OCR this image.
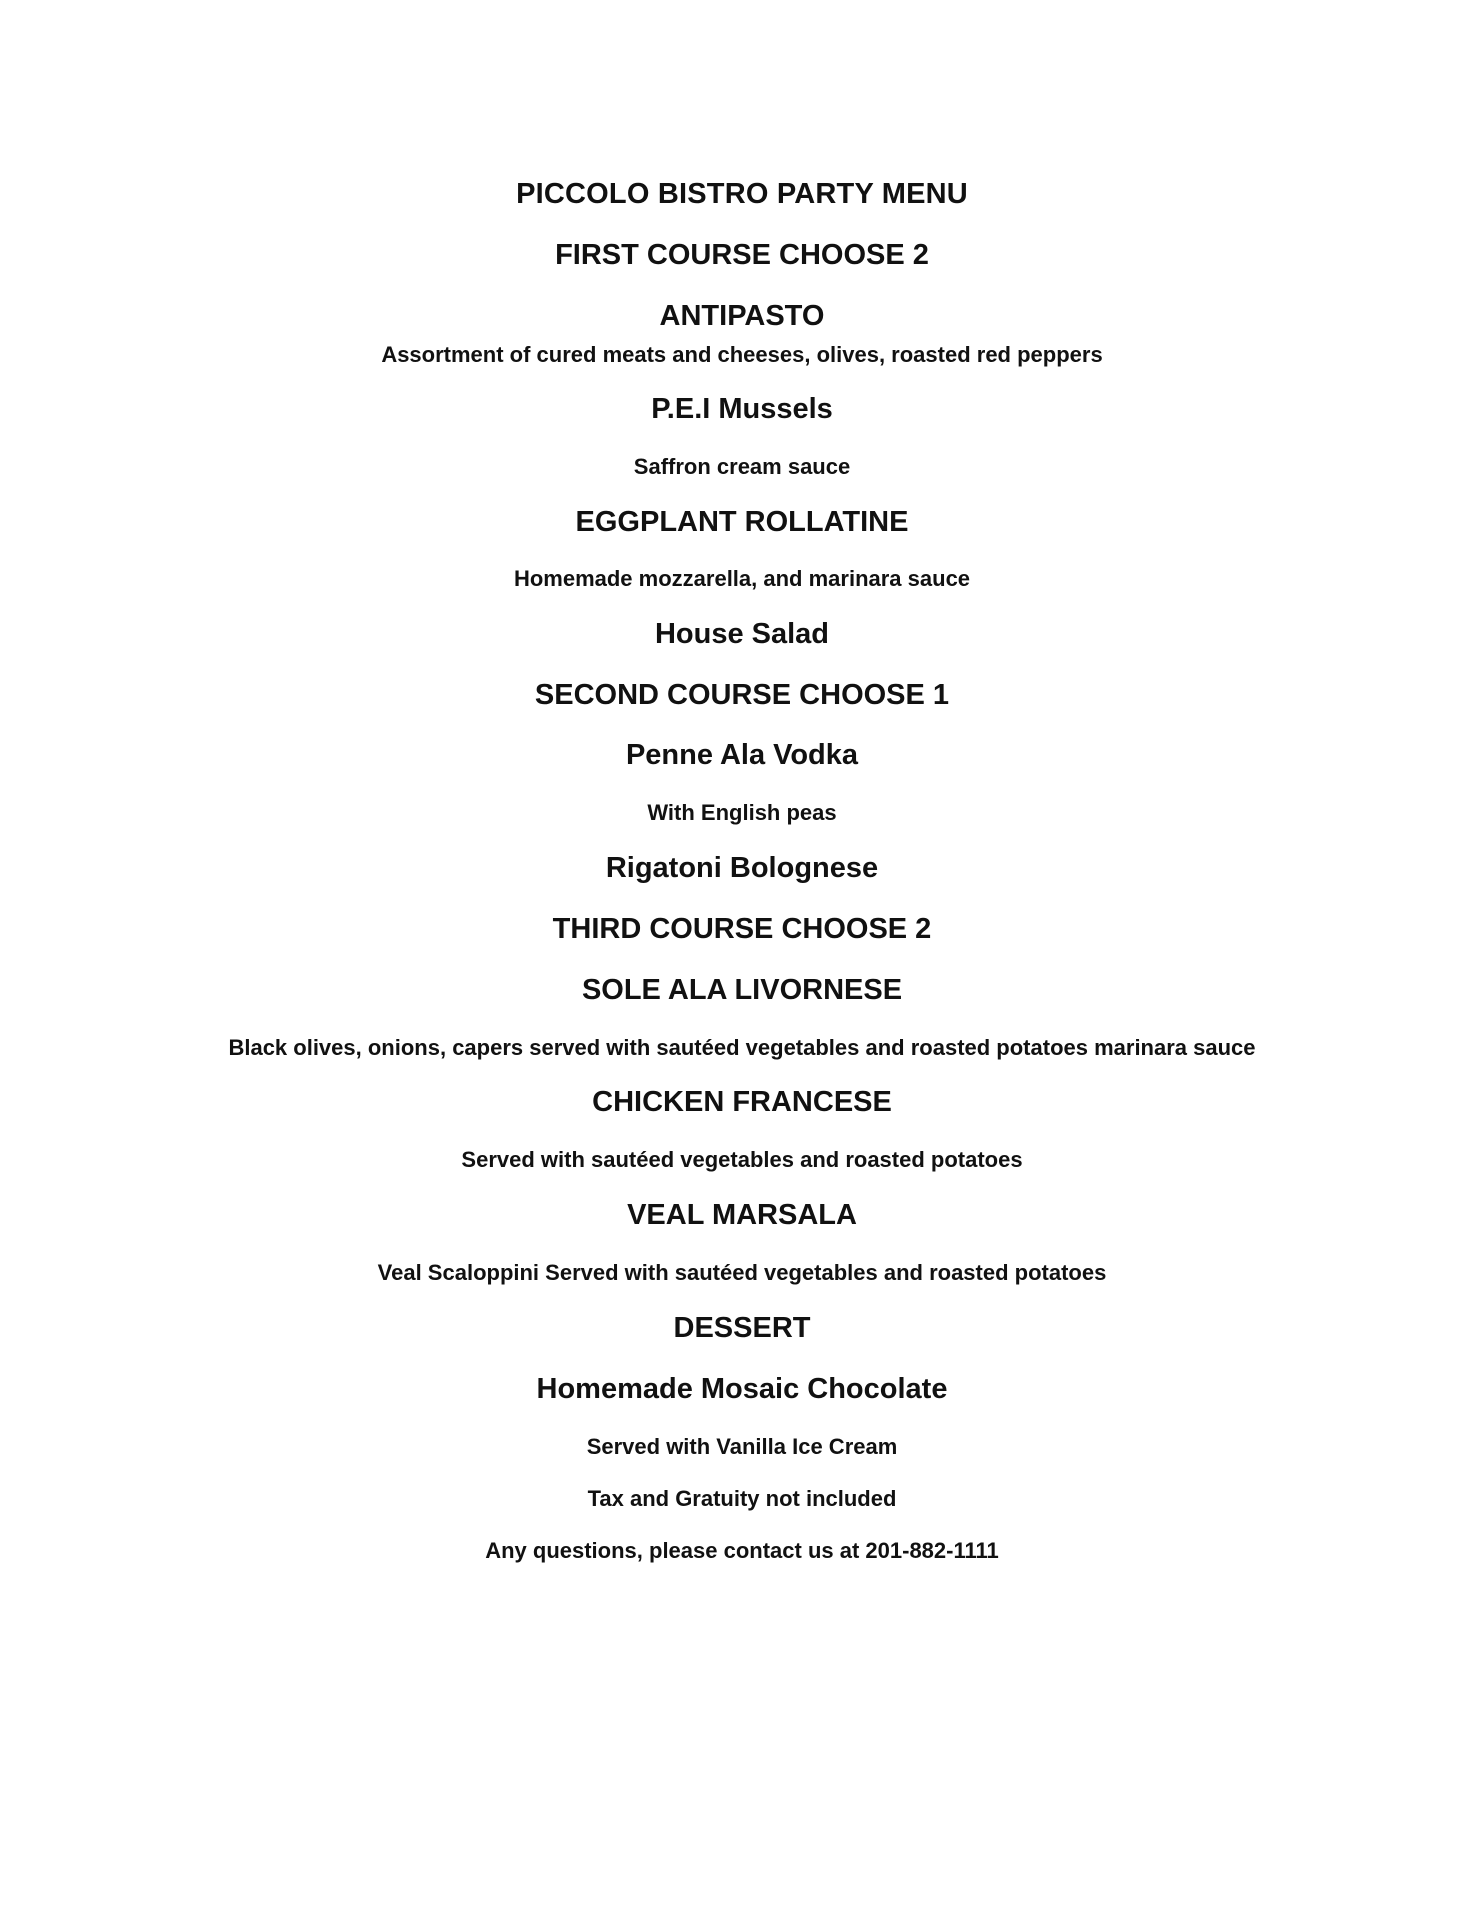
PICCOLO BISTRO PARTY MENU
FIRST COURSE CHOOSE 2
ANTIPASTO
Assortment of cured meats and cheeses, olives, roasted red peppers
P.E.I Mussels
Saffron cream sauce
EGGPLANT ROLLATINE
Homemade mozzarella, and marinara sauce
House Salad
SECOND COURSE CHOOSE 1
Penne Ala Vodka
With English peas
Rigatoni Bolognese
THIRD COURSE CHOOSE 2
SOLE ALA LIVORNESE
Black olives, onions, capers served with sautéed vegetables and roasted potatoes marinara sauce
CHICKEN FRANCESE
Served with sautéed vegetables and roasted potatoes
VEAL MARSALA
Veal Scaloppini Served with sautéed vegetables and roasted potatoes
DESSERT
Homemade Mosaic Chocolate
Served with Vanilla Ice Cream
Tax and Gratuity not included
Any questions, please contact us at 201-882-1111
